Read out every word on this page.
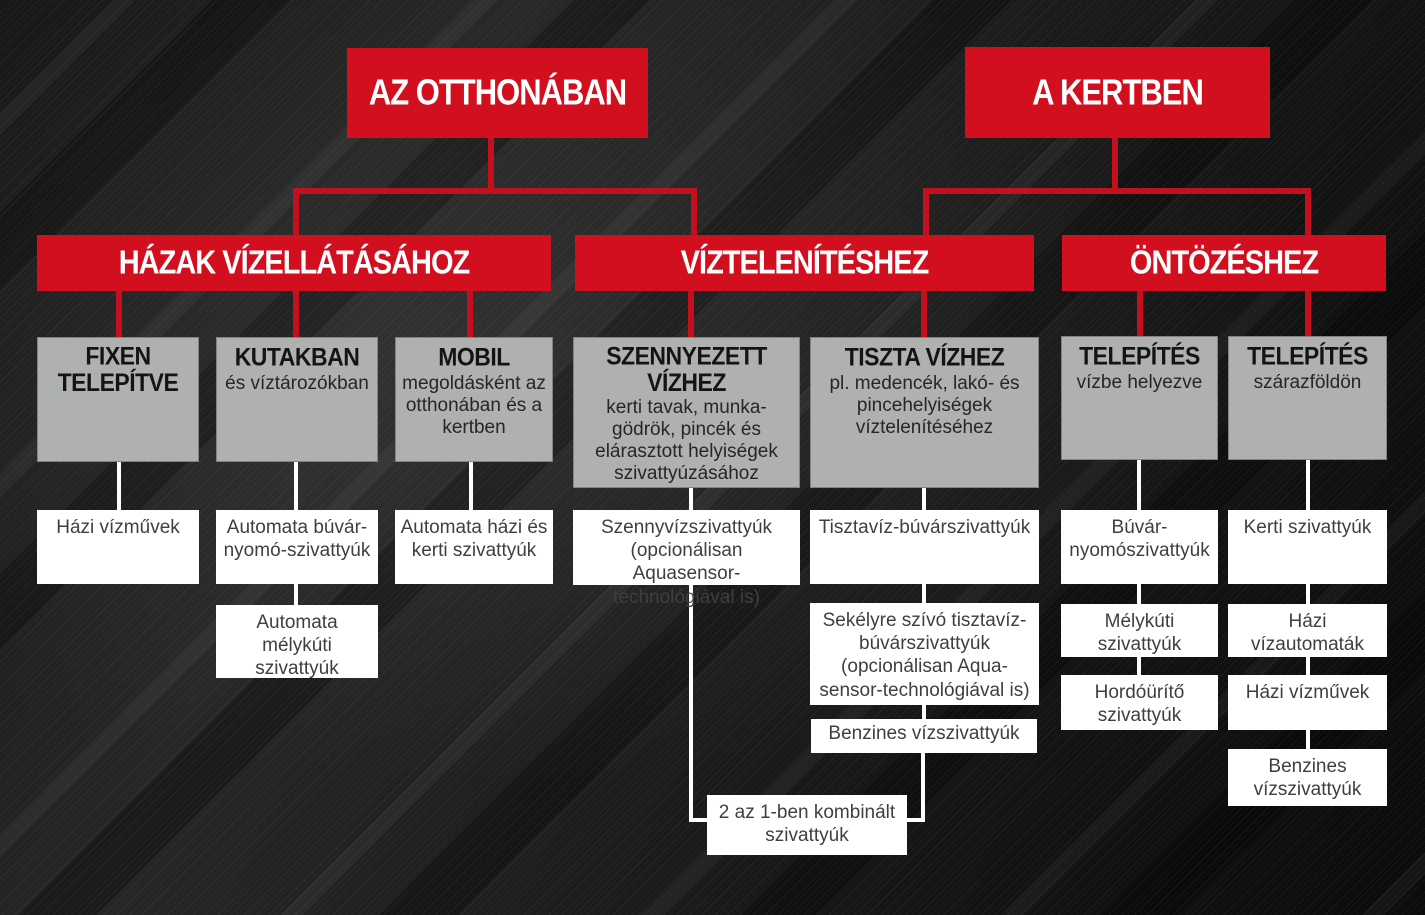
AZ OTTHONÁBAN	A KERTBEN
HÁZAK VÍZELLÁTÁSÁHOZ	VÍZTELENÍTÉSHEZ	ÖNTÖZÉSHEZ
FIXEN TELEPÍTVE
KUTAKBAN
és víztározókban
MOBIL
megoldásként az otthonában és a kertben
SZENNYEZETT VÍZHEZ
kerti tavak, munka-gödrök, pincék és elárasztott helyiségek szivattyúzásához
TISZTA VÍZHEZ
pl. medencék, lakó- és pincehelyiségek víztelenítéséhez
TELEPÍTÉS
vízbe helyezve
TELEPÍTÉS
szárazföldön
Házi vízművek	Automata búvár-nyomó-szivattyúk
Automata házi és kerti szivattyúk
Szennyvízszivattyúk (opcionálisan Aquasensor-technológiával is)
Tisztavíz-búvárszivattyúk	Búvár-nyomószivattyúk
Kerti szivattyúk
Automata mélykúti szivattyúk
Sekélyre szívó tisztavíz-búvárszivattyúk (opcionálisan Aqua-sensor-technológiával is)
Mélykúti szivattyúk
Házi vízautomaták
Benzines vízszivattyúk
Hordóürítő szivattyúk
Házi vízművek
Benzines vízszivattyúk
2 az 1-ben kombinált szivattyúk
